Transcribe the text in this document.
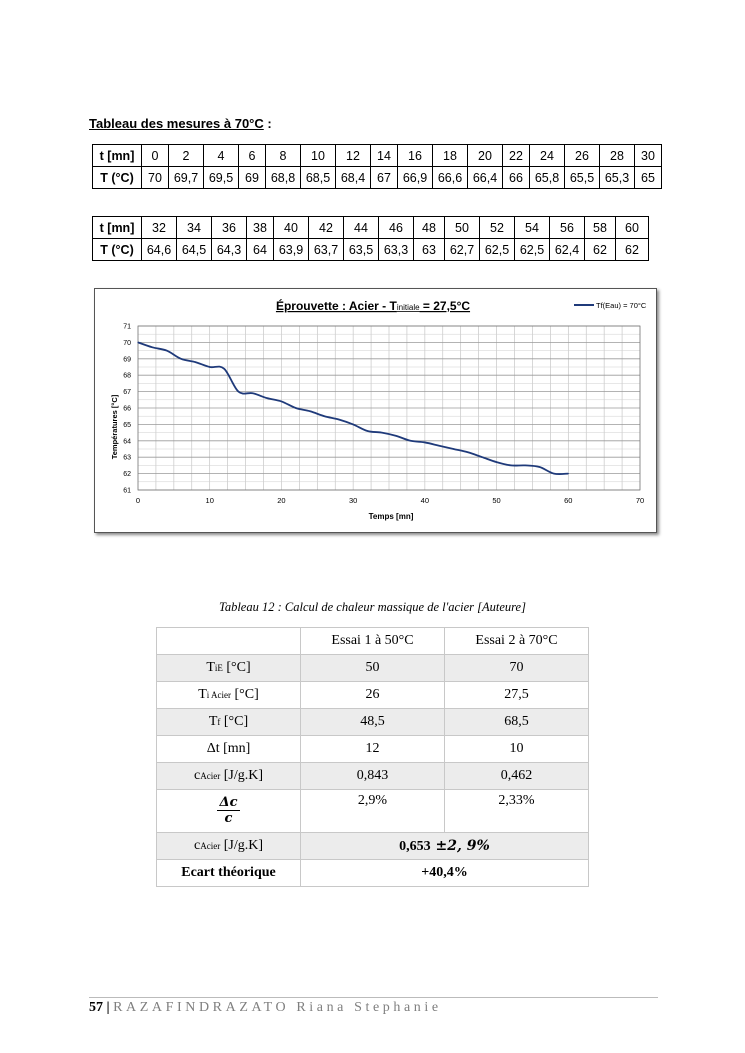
Tableau des mesures à 70°C :
t [mn]	0	2	4	6	8	10	12	14	16	18	20	22	24	26	28	30
T (°C)	70	69,7	69,5	69	68,8	68,5	68,4	67	66,9	66,6	66,4	66	65,8	65,5	65,3	65
t [mn]	32	34	36	38	40	42	44	46	48	50	52	54	56	58	60
T (°C)	64,6	64,5	64,3	64	63,9	63,7	63,5	63,3	63	62,7	62,5	62,5	62,4	62	62
Éprouvette : Acier - Tinitiale = 27,5°C
0	10	20	30	40	50	60	70
61
62
63
64
65
66
67
68
69
70
71
Temps [mn]
Températures [°C]
Tf(Eau) = 70°C
Tableau 12 : Calcul de chaleur massique de l'acier [Auteure]
	Essai 1 à 50°C	Essai 2 à 70°C
TiE [°C]	50	70
Ti Acier [°C]	26	27,5
Tf [°C]	48,5	68,5
Δt [mn]	12	10
cAcier [J/g.K]	0,843	0,462

$\frac{\Delta c}{c}$	2,9%	2,33%
cAcier [J/g.K]	0,653 ±2, 9%	
Ecart théorique	+40,4%	
57 | RAZAFINDRAZATO Riana Stephanie
